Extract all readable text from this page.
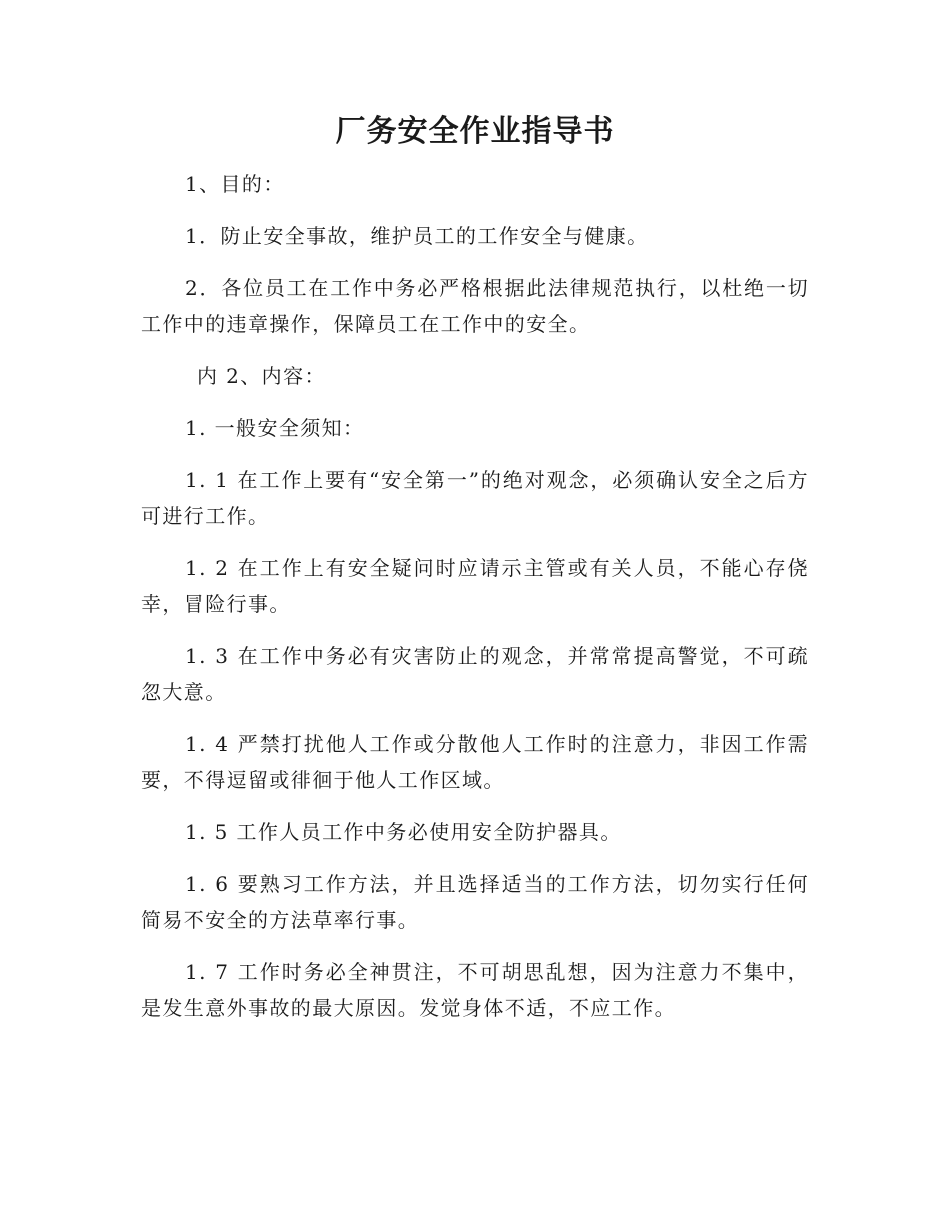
厂务安全作业指导书

1、目的：

1．防止安全事故，维护员工的工作安全与健康。

2．各位员工在工作中务必严格根据此法律规范执行，以杜绝一切工作中的违章操作，保障员工在工作中的安全。

内 2、内容：

1. 一般安全须知：

1. 1 在工作上要有“安全第一”的绝对观念，必须确认安全之后方可进行工作。

1. 2 在工作上有安全疑问时应请示主管或有关人员，不能心存侥幸，冒险行事。

1. 3 在工作中务必有灾害防止的观念，并常常提高警觉，不可疏忽大意。

1. 4 严禁打扰他人工作或分散他人工作时的注意力，非因工作需要，不得逗留或徘徊于他人工作区域。

1. 5 工作人员工作中务必使用安全防护器具。

1. 6 要熟习工作方法，并且选择适当的工作方法，切勿实行任何简易不安全的方法草率行事。

1. 7 工作时务必全神贯注，不可胡思乱想，因为注意力不集中，是发生意外事故的最大原因。发觉身体不适，不应工作。
